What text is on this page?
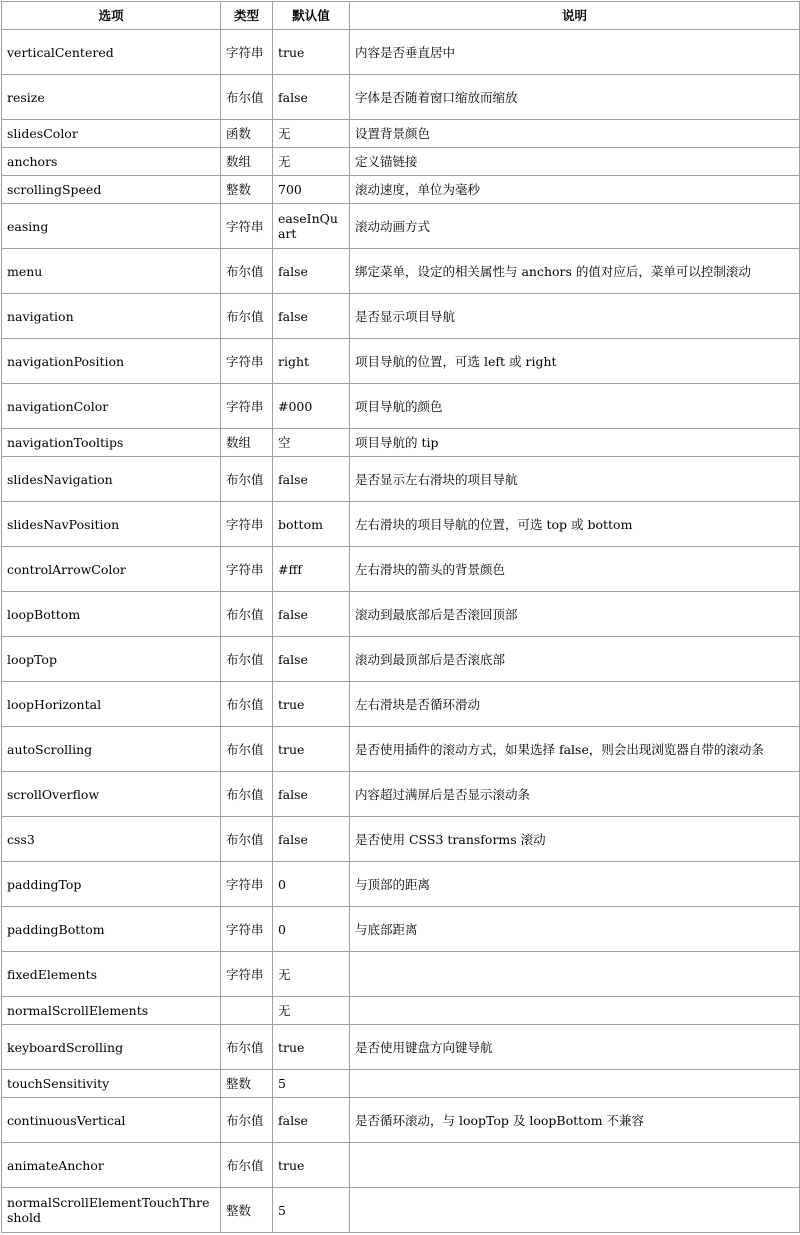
选项	类型	默认值	说明
verticalCentered	字符串	true	内容是否垂直居中
resize	布尔值	false	字体是否随着窗口缩放而缩放
slidesColor	函数	无	设置背景颜色
anchors	数组	无	定义锚链接
scrollingSpeed	整数	700	滚动速度，单位为毫秒
easing	字符串	easeInQuart	滚动动画方式
menu	布尔值	false	绑定菜单，设定的相关属性与 anchors 的值对应后，菜单可以控制滚动
navigation	布尔值	false	是否显示项目导航
navigationPosition	字符串	right	项目导航的位置，可选 left 或 right
navigationColor	字符串	#000	项目导航的颜色
navigationTooltips	数组	空	项目导航的 tip
slidesNavigation	布尔值	false	是否显示左右滑块的项目导航
slidesNavPosition	字符串	bottom	左右滑块的项目导航的位置，可选 top 或 bottom
controlArrowColor	字符串	#fff	左右滑块的箭头的背景颜色
loopBottom	布尔值	false	滚动到最底部后是否滚回顶部
loopTop	布尔值	false	滚动到最顶部后是否滚底部
loopHorizontal	布尔值	true	左右滑块是否循环滑动
autoScrolling	布尔值	true	是否使用插件的滚动方式，如果选择 false，则会出现浏览器自带的滚动条
scrollOverflow	布尔值	false	内容超过满屏后是否显示滚动条
css3	布尔值	false	是否使用 CSS3 transforms 滚动
paddingTop	字符串	0	与顶部的距离
paddingBottom	字符串	0	与底部距离
fixedElements	字符串	无	
normalScrollElements		无	
keyboardScrolling	布尔值	true	是否使用键盘方向键导航
touchSensitivity	整数	5	
continuousVertical	布尔值	false	是否循环滚动，与 loopTop 及 loopBottom 不兼容
animateAnchor	布尔值	true	
normalScrollElementTouchThreshold	整数	5	
